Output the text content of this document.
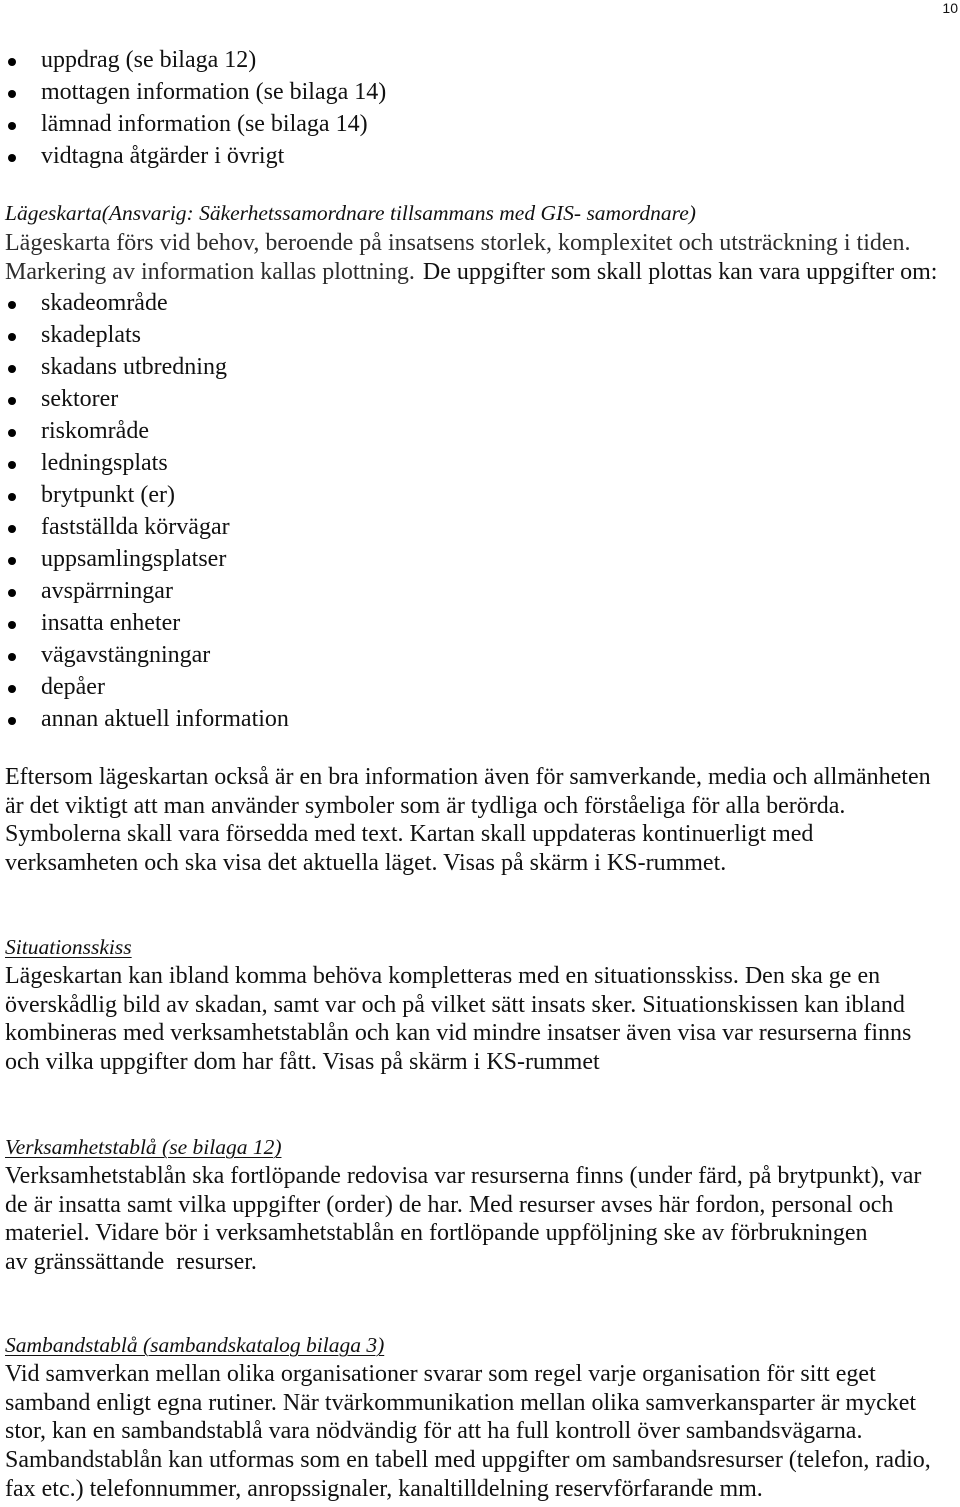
10
uppdrag (se bilaga 12)
mottagen information (se bilaga 14)
lämnad information (se bilaga 14)
vidtagna åtgärder i övrigt
Lägeskarta(Ansvarig: Säkerhetssamordnare tillsammans med GIS- samordnare)
Lägeskarta förs vid behov, beroende på insatsens storlek, komplexitet och utsträckning i tiden.
Markering av information kallas plottning. De uppgifter som skall plottas kan vara uppgifter om:
skadeområde
skadeplats
skadans utbredning
sektorer
riskområde
ledningsplats
brytpunkt (er)
fastställda körvägar
uppsamlingsplatser
avspärrningar
insatta enheter
vägavstängningar
depåer
annan aktuell information
Eftersom lägeskartan också är en bra information även för samverkande, media och allmänheten
är det viktigt att man använder symboler som är tydliga och förståeliga för alla berörda.
Symbolerna skall vara försedda med text. Kartan skall uppdateras kontinuerligt med
verksamheten och ska visa det aktuella läget. Visas på skärm i KS-rummet.
Situationsskiss
Lägeskartan kan ibland komma behöva kompletteras med en situationsskiss. Den ska ge en
överskådlig bild av skadan, samt var och på vilket sätt insats sker. Situationskissen kan ibland
kombineras med verksamhetstablån och kan vid mindre insatser även visa var resurserna finns
och vilka uppgifter dom har fått. Visas på skärm i KS-rummet
Verksamhetstablå (se bilaga 12)
Verksamhetstablån ska fortlöpande redovisa var resurserna finns (under färd, på brytpunkt), var
de är insatta samt vilka uppgifter (order) de har. Med resurser avses här fordon, personal och
materiel. Vidare bör i verksamhetstablån en fortlöpande uppföljning ske av förbrukningen
av gränssättande  resurser.
Sambandstablå (sambandskatalog bilaga 3)
Vid samverkan mellan olika organisationer svarar som regel varje organisation för sitt eget
samband enligt egna rutiner. När tvärkommunikation mellan olika samverkansparter är mycket
stor, kan en sambandstablå vara nödvändig för att ha full kontroll över sambandsvägarna.
Sambandstablån kan utformas som en tabell med uppgifter om sambandsresurser (telefon, radio,
fax etc.) telefonnummer, anropssignaler, kanaltilldelning reservförfarande mm.
